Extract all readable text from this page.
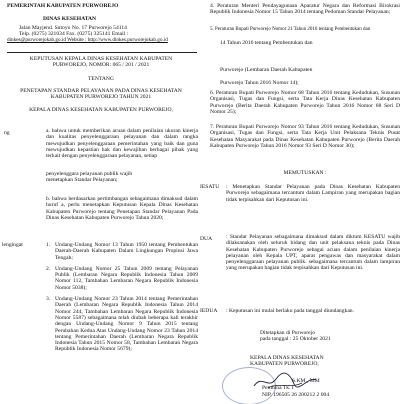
PEMERINTAH KABUPATEN PURWOREJO
DINAS KESEHATAN
Jalan Mayjend. Sutoyo No. 17 Purworejo 54114
Telp. (0275) 321034 Fax. (0275) 325141 Email :
dinkes@purworejokab.go.id Website : http://www.dinkes.purworejokab.go.id
KEPUTUSAN KEPALA DINAS KESEHATAN KABUPATEN
PURWOREJO, NOMOR: 065 / 201 / 2021
TENTANG
PENETAPAN STANDAR PELAYANAN PADA DINAS KESEHATAN
KABUPATEN PURWOREJO TAHUN 2021
KEPALA DINAS KESEHATAN KABUPATEN PURWOREJO,
ng	a. bahwa untuk memberikan acuan dalam penilaian ukuran kinerja dan kualitas penyelenggaraan pelayanan dan dalam rangka mewujudkan penyelenggaraan pemerintahan yang baik dan guna mewujudkan kepastian hak dan kewajiban berbagai pihak yang terkait dengan penyelenggaraan pelayanan, setiap
penyelenggara pelayanan publik wajib
menetapkan Standar Pelayanan;
b. bahwa berdasarkan pertimbangan sebagaimana dimaksud dalam huruf a, perlu menetapkan Keputusan Kepala Dinas Kesehatan Kabupaten Purworejo tentang Penetapan Standar Pelayanan Pada Dinas Kesehatan Kabupaten Purworejo Tahun 2020;
lengingat	1. Undang-Undang Nomor 13 Tahun 1950 tentang Pembentukan Daerah-Daerah Kabupaten Dalam Lingkungan Propinsi Jawa Tengah;
2. Undang-Undang Nomor 25 Tahun 2009 tentang Pelayanan Publik (Lembaran Negara Republik Indonesia Tahun 2009 Nomor 112, Tambahan Lembaran Negara Republik Indonesia Nomor 5038);
3. Undang-Undang Nomor 23 Tahun 2014 tentang Pemerintahan Daerah (Lembaran Negara Republik Indonesia Tahun 2014 Nomor 244, Tambahan Lembaran Negara Republik Indonesia Nomor 5587) sebagaimana telah diubah beberapa kali terakhir dengan Undang-Undang Nomor 9 Tahun 2015 tentang Perubahan Kedua Atas Undang-Undang Nomor 23 Tahun 2014 tentang Pemerintahan Daerah (Lembaran Negara Republik Indonesia Tahun 2015 Nomor 58, Tambahan Lembaran Negara Republik Indonesia Nomor 5679);
4. Peraturan Menteri Pendayagunaan Aparatur Negara dan Reformasi Birokrasi Republik Indonesia Nomor 15 Tahun 2014 tentang Pedoman Standar Pelayanan;
5. Peraturan Bupati Purworejo Nomor 21 Tahun 2016 tentang Pembentukan dan
14 Tahun 2016 tentang Pembentukan dan
Purworejo (Lembaran Daerah Kabupaten
Purworejo Tahun 2016 Nomor 14);
6. Peraturan Bupati Purworejo Nomor 68 Tahun 2016 tentang Kedudukan, Susunan Organisasi, Tugas dan Fungsi, serta Tata Kerja Dinas Kesehatan Kabupaten Purworejo (Berita Daerah Kabupaten Purworejo Tahun 2016 Nomor 68 Seri D Nomor 25);
7. Peraturan Bupati Purworejo Nomor 93 Tahun 2016 tentang Kedudukan, Susunan Organisasi, Tugas dan Fungsi, serta Tata Kerja Unit Pelaksana Teknis Pusat Kesehatan Masyarakat pada Dinas Kesehatan Kabupaten Purworejo (Berita Daerah Kabupaten Purworejo Tahun 2016 Nomor 93 Seri D Nomor 30);
MEMUTUSKAN :
IESATU : Menetapkan Standar Pelayanan pada Dinas Kesehatan Kabupaten Purworejo sebagaimana tercantum dalam Lampiran yang merupakan bagian tidak terpisahkan dari Keputusan ini.
DUA : Standar Pelayanan sebagaimana dimaksud dalam diktum KESATU wajib dilaksanakan oleh seluruh bidang dan unit pelaksana teknis pada Dinas Kesehatan Kabupaten Purworejo sebagai acuan dalam penilaian kinerja pelayanan oleh Kepala UPT, aparat pengawas dan masyarakat dalam penyelenggaraan pelayanan publik. sebagaimana tercantum dalam lampiran yang merupakan bagian tidak terpisahkan dari Keputusan ini.
IEDUA : Keputusan ini mulai berlaku pada tanggal diundangkan.
Ditetapkan di Purworejo
pada tanggal : 25 Oktober 2021
KEPALA DINAS KESEHATAN
KABUPATEN PURWOREJO,
S.KM., MM
Pembina Tk. I
NIP. 196505 26 200212 2 004
